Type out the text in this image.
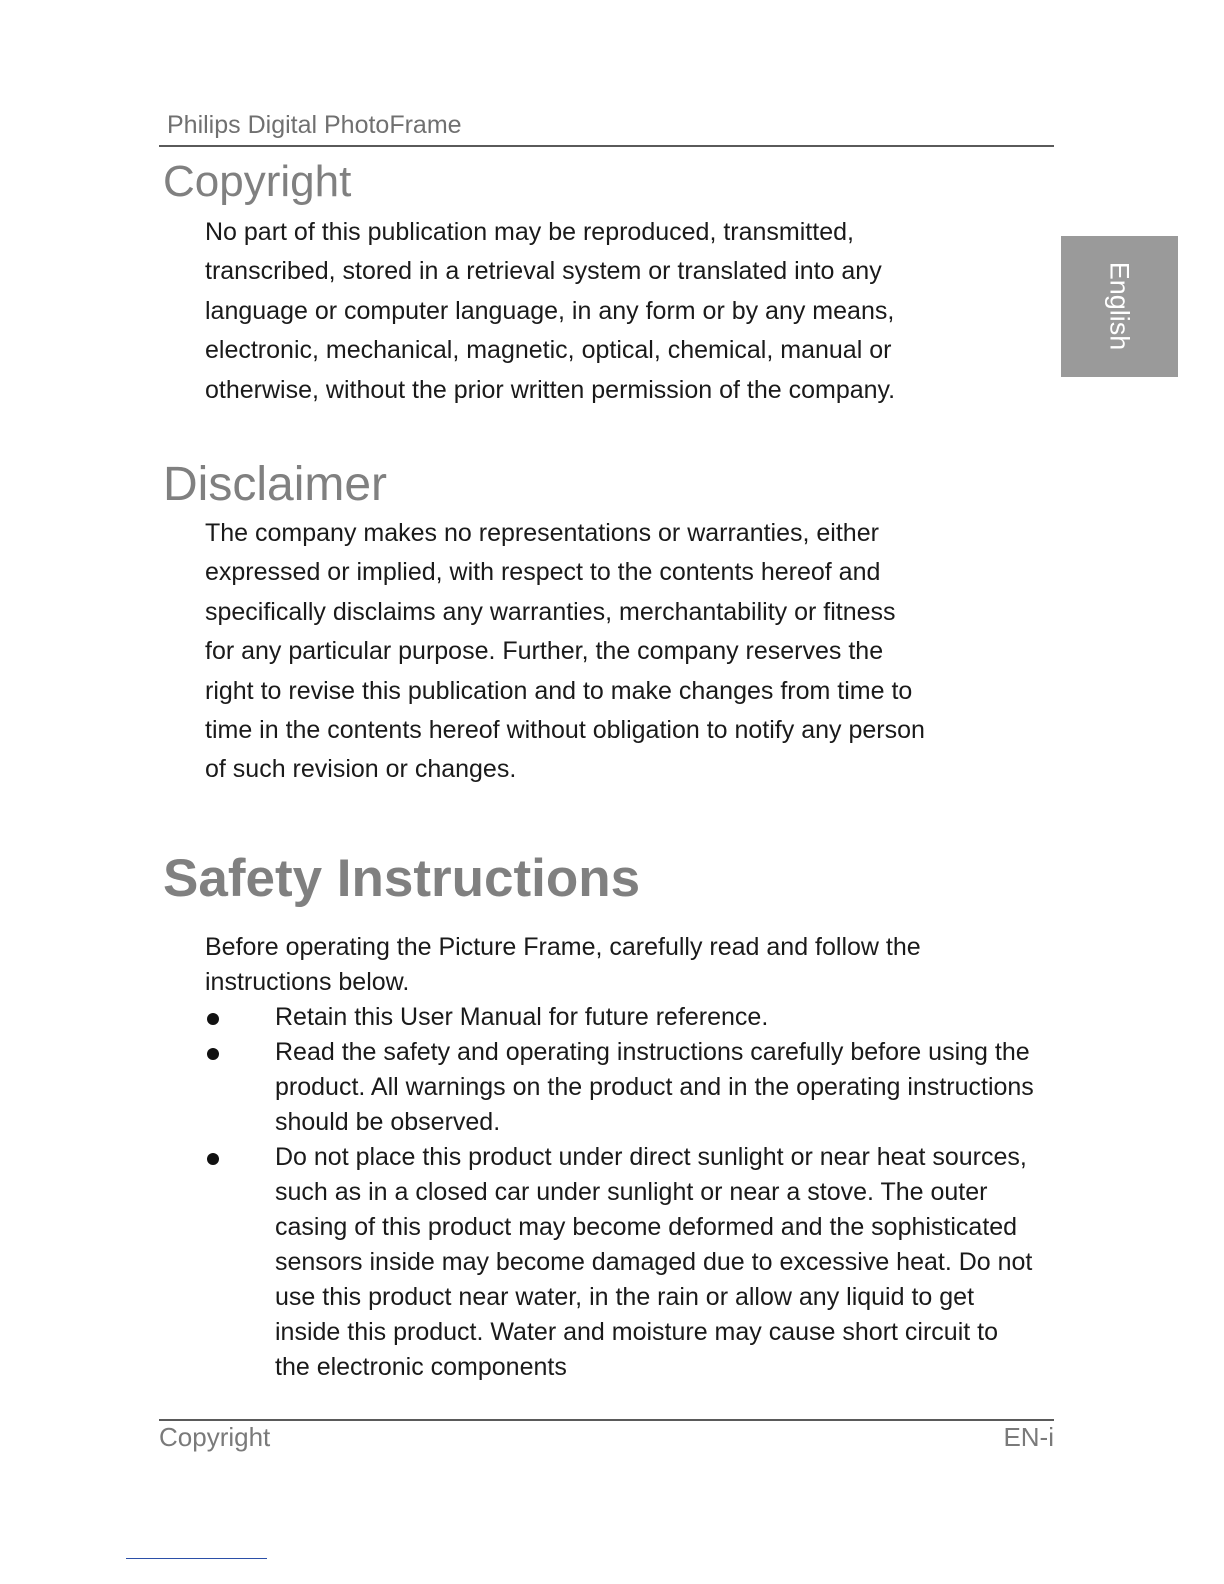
Philips Digital PhotoFrame
English
Copyright
No part of this publication may be reproduced, transmitted, transcribed, stored in a retrieval system or translated into any language or computer language, in any form or by any means, electronic, mechanical, magnetic, optical, chemical, manual or otherwise, without the prior written permission of the company.
Disclaimer
The company makes no representations or warranties, either expressed or implied, with respect to the contents hereof and specifically disclaims any warranties, merchantability or fitness for any particular purpose. Further, the company reserves the right to revise this publication and to make changes from time to time in the contents hereof without obligation to notify any person of such revision or changes.
Safety Instructions
Before operating the Picture Frame, carefully read and follow the instructions below.
Retain this User Manual for future reference.
Read the safety and operating instructions carefully before using the product. All warnings on the product and in the operating instructions should be observed.
Do not place this product under direct sunlight or near heat sources, such as in a closed car under sunlight or near a stove. The outer casing of this product may become deformed and the sophisticated sensors inside may become damaged due to excessive heat. Do not use this product near water, in the rain or allow any liquid to get inside this product. Water and moisture may cause short circuit to the electronic components
Copyright	EN-i
